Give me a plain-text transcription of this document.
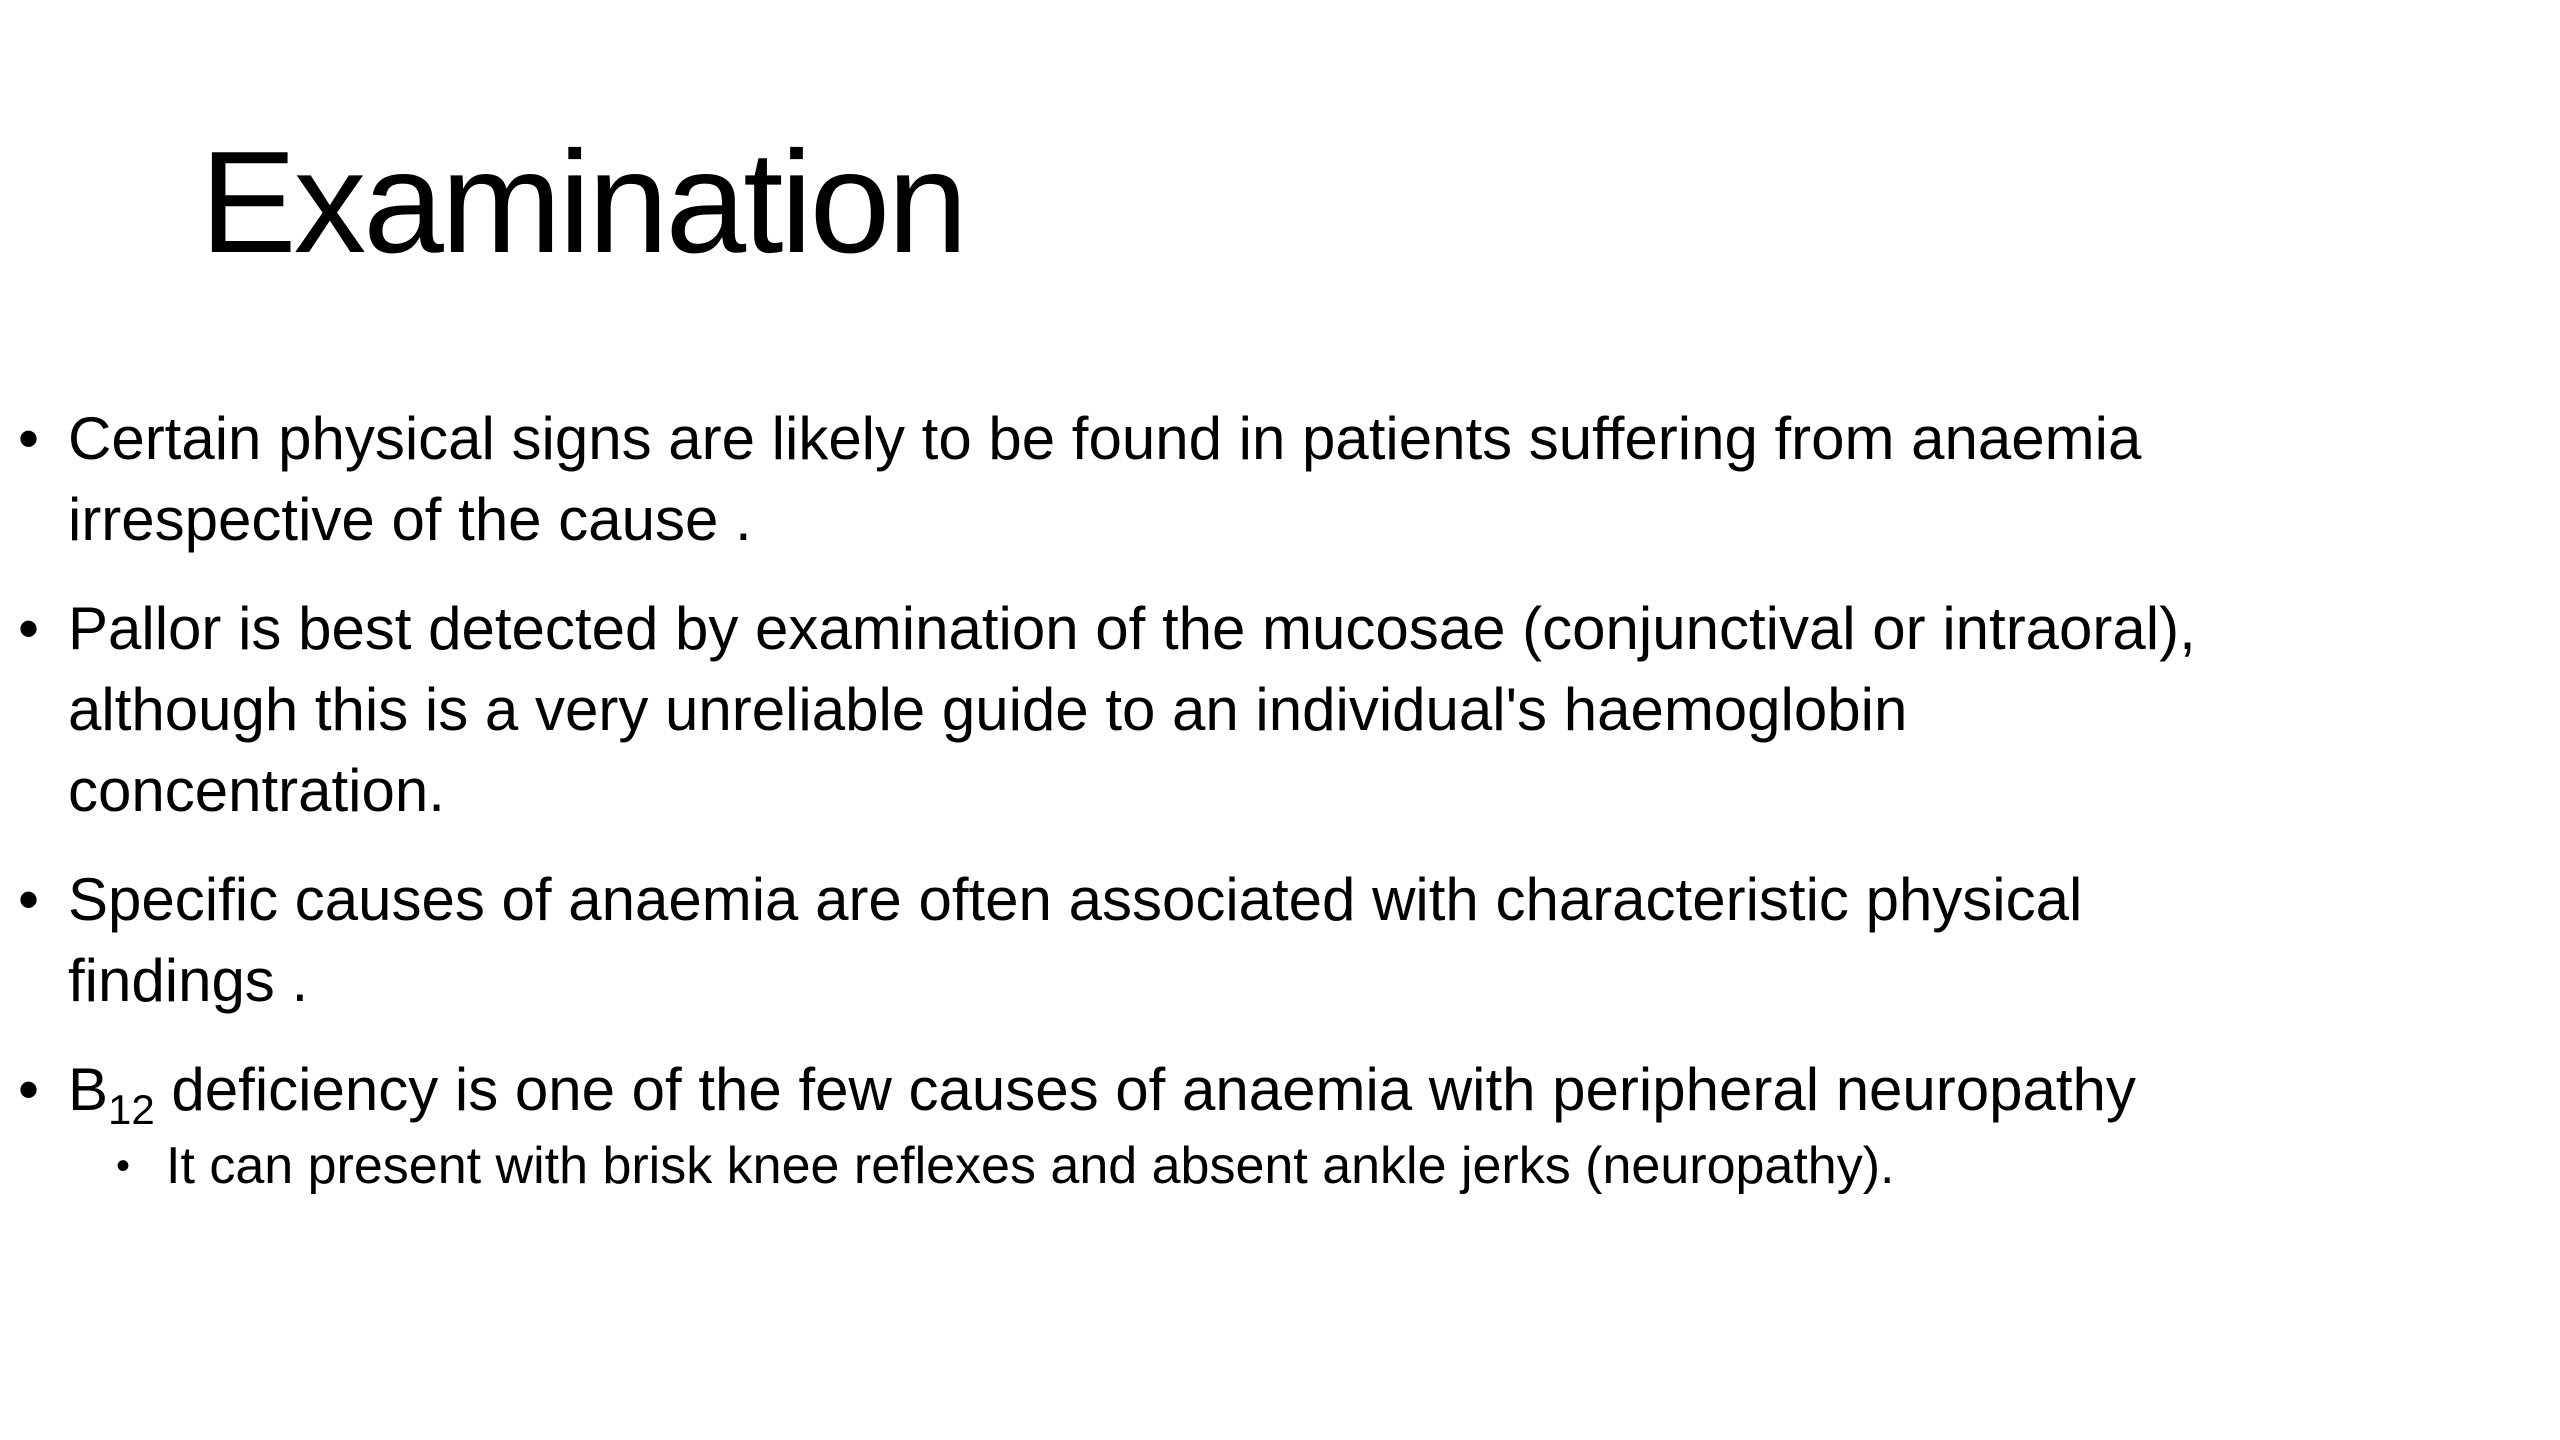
Examination
• Certain physical signs are likely to be found in patients suffering from anaemia
irrespective of the cause .
• Pallor is best detected by examination of the mucosae (conjunctival or intraoral),
although this is a very unreliable guide to an individual's haemoglobin
concentration.
• Specific causes of anaemia are often associated with characteristic physical
findings .
• $B_{12}$ deficiency is one of the few causes of anaemia with peripheral neuropathy
• It can present with brisk knee reflexes and absent ankle jerks (neuropathy).
